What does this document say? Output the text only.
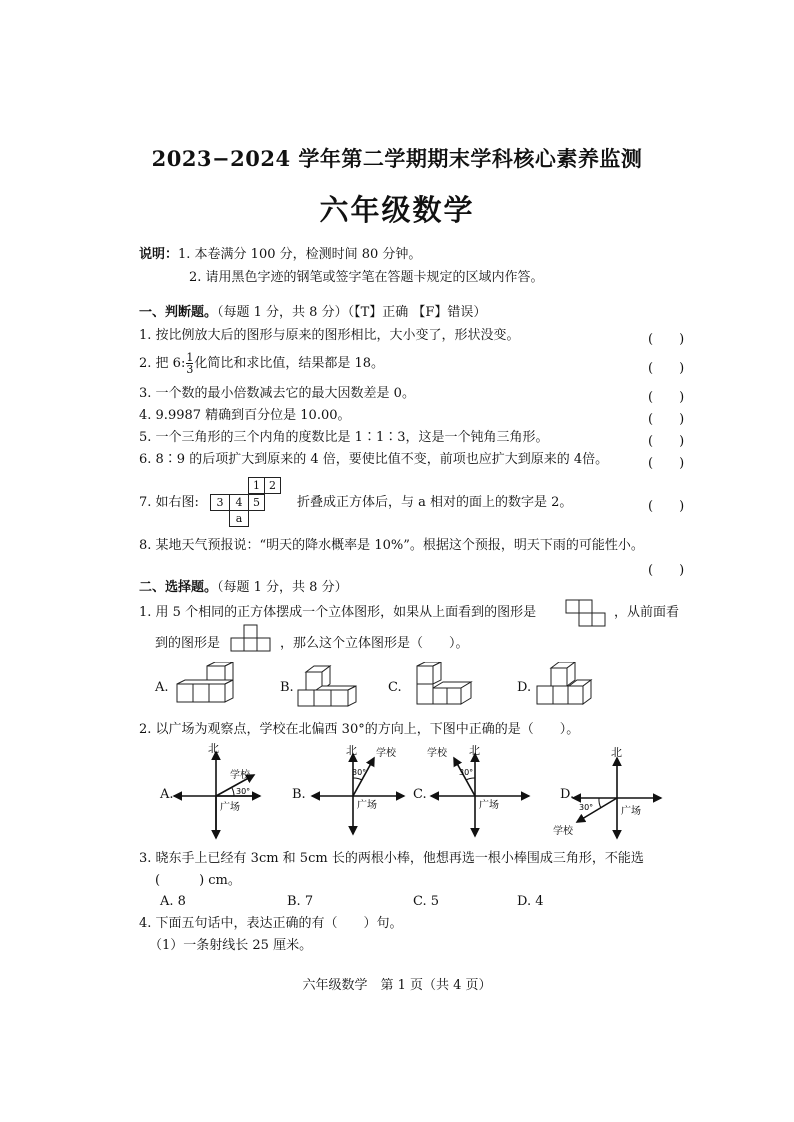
2023−2024 学年第二学期期末学科核心素养监测
六年级数学
说明：1. 本卷满分 100 分，检测时间 80 分钟。
2. 请用黑色字迹的钢笔或签字笔在答题卡规定的区域内作答。
一、判断题。（每题 1 分，共 8 分）（【T】正确 【F】错误）
1. 按比例放大后的图形与原来的图形相比，大小变了，形状没变。	(　　)
2. 把 6: $\frac{1}{3}$ 化简比和求比值，结果都是 18。	(　　)
3. 一个数的最小倍数减去它的最大因数差是 0。	(　　)
4. 9.9987 精确到百分位是 10.00。	(　　)
5. 一个三角形的三个内角的度数比是 1∶1∶3，这是一个钝角三角形。	(　　)
6. 8∶9 的后项扩大到原来的 4 倍，要使比值不变，前项也应扩大到原来的 4倍。	(　　)
7. 如右图:
1 2
3	4 5
a
折叠成正方体后，与 a 相对的面上的数字是 2。	(　　)
8. 某地天气预报说：“明天的降水概率是 10%”。根据这个预报，明天下雨的可能性小。
(　　)
二、选择题。（每题 1 分，共 8 分）
1. 用 5 个相同的正方体摆成一个立体图形，如果从上面看到的图形是	，从前面看
到的图形是	，那么这个立体图形是（　　）。
A.	B.	C.	D.
2. 以广场为观察点，学校在北偏西 30°的方向上，下图中正确的是（　　）。
A.
北
学校
30°
广场
B.
北 学校
30°
广场
C.
北
学校
30°
广场
D.
北
30°	广场
学校
3. 晓东手上已经有 3cm 和 5cm 长的两根小棒，他想再选一根小棒围成三角形，不能选
(　　　) cm。
A. 8	B. 7	C. 5	D. 4
4. 下面五句话中，表达正确的有（　　）句。
（1）一条射线长 25 厘米。
六年级数学　第 1 页（共 4 页）
